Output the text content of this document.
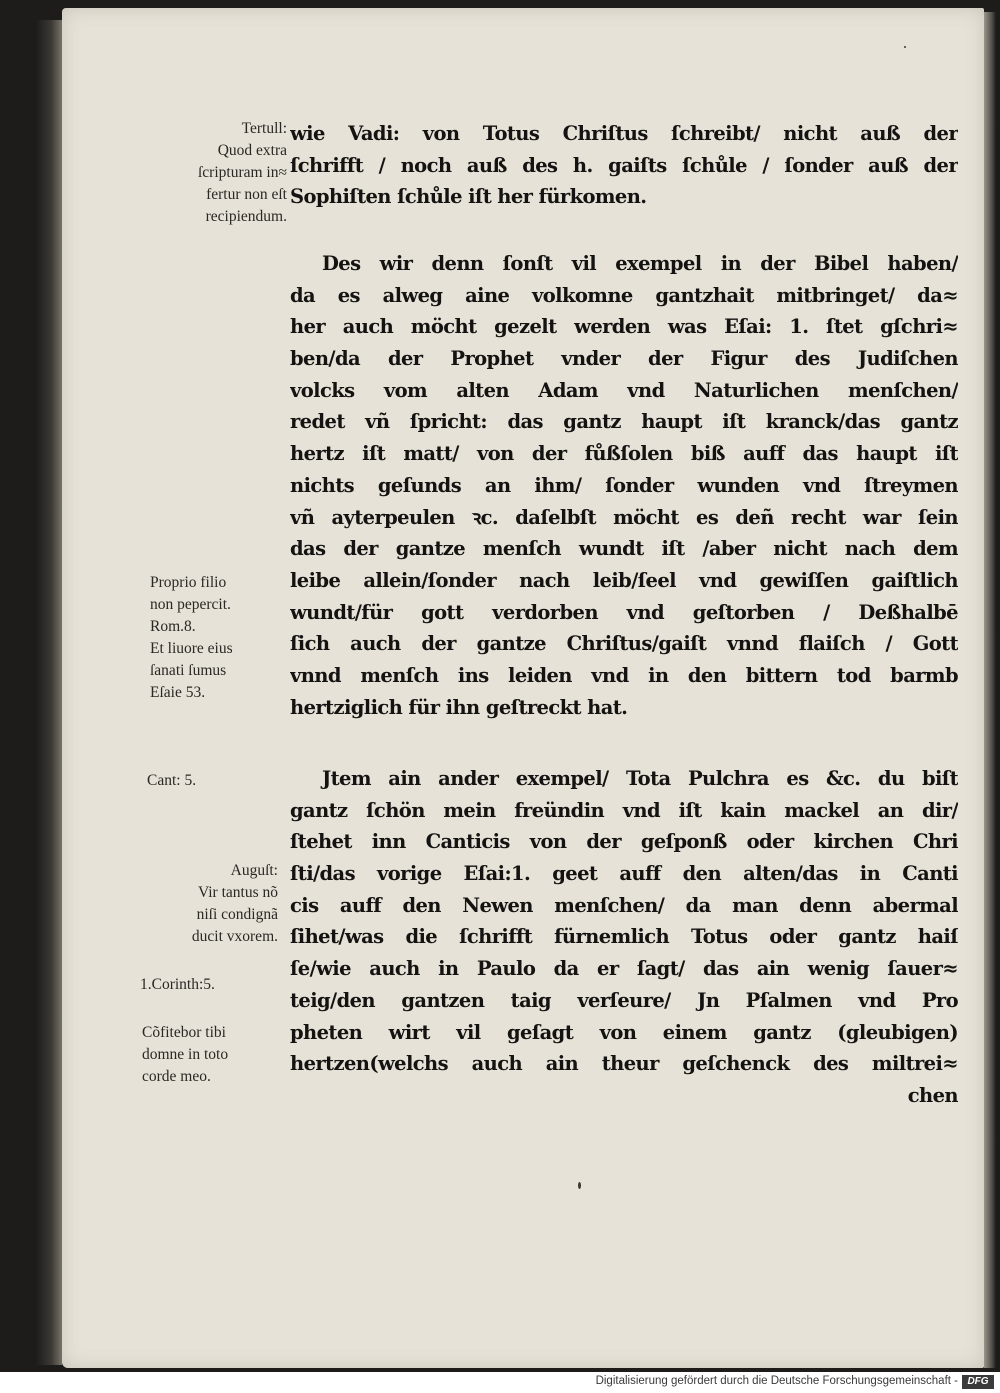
Tertull:
Quod extra
ſcripturam in≈
fertur non eſt
recipiendum.
Proprio filio
non pepercit.
Rom.8.
Et liuore eius
ſanati ſumus
Eſaie 53.
Cant: 5.
Auguſt:
Vir tantus nõ
niſi condignã
ducit vxorem.
1.Corinth:5.
Cõfitebor tibi
domne in toto
corde meo.
wie Vadi: von Totus Chriſtus ſchreibt/ nicht auß der
ſchrifft / noch auß des h. gaiſts ſchůle / ſonder auß der
Sophiſten ſchůle iſt her fürkomen.
Des wir denn ſonſt vil exempel in der Bibel haben/
da es alweg aine volkomne gantzhait mitbringet/ da≈
her auch möcht gezelt werden was Eſai: 1. ſtet gſchri≈
ben/da der Prophet vnder der Figur des Judiſchen
volcks vom alten Adam vnd Naturlichen menſchen/
redet vñ ſpricht: das gantz haupt iſt kranck/das gantz
hertz iſt matt/ von der fůßſolen biß auff das haupt iſt
nichts geſunds an ihm/ ſonder wunden vnd ſtreymen
vñ ayterpeulen ꝛc. daſelbſt möcht es deñ recht war ſein
das der gantze menſch wundt iſt /aber nicht nach dem
leibe allein/ſonder nach leib/ſeel vnd gewiſſen gaiſtlich
wundt/für gott verdorben vnd geſtorben / Deßhalbē
ſich auch der gantze Chriſtus/gaiſt vnnd flaiſch / Gott
vnnd menſch ins leiden vnd in den bittern tod barmb
hertziglich für ihn geſtreckt hat.
Jtem ain ander exempel/ Tota Pulchra es &c. du biſt
gantz ſchön mein freündin vnd iſt kain mackel an dir/
ſtehet inn Canticis von der geſponß oder kirchen Chri
ſti/das vorige Eſai:1. geet auff den alten/das in Canti
cis auff den Newen menſchen/ da man denn abermal
ſihet/was die ſchrifft fürnemlich Totus oder gantz haiſ
ſe/wie auch in Paulo da er ſagt/ das ain wenig ſauer≈
teig/den gantzen taig verſeure/ Jn Pſalmen vnd Pro
pheten wirt vil geſagt von einem gantz (gleubigen)
hertzen(welchs auch ain theur geſchenck des miltrei≈
chen
Digitalisierung gefördert durch die Deutsche Forschungsgemeinschaft - DFG
